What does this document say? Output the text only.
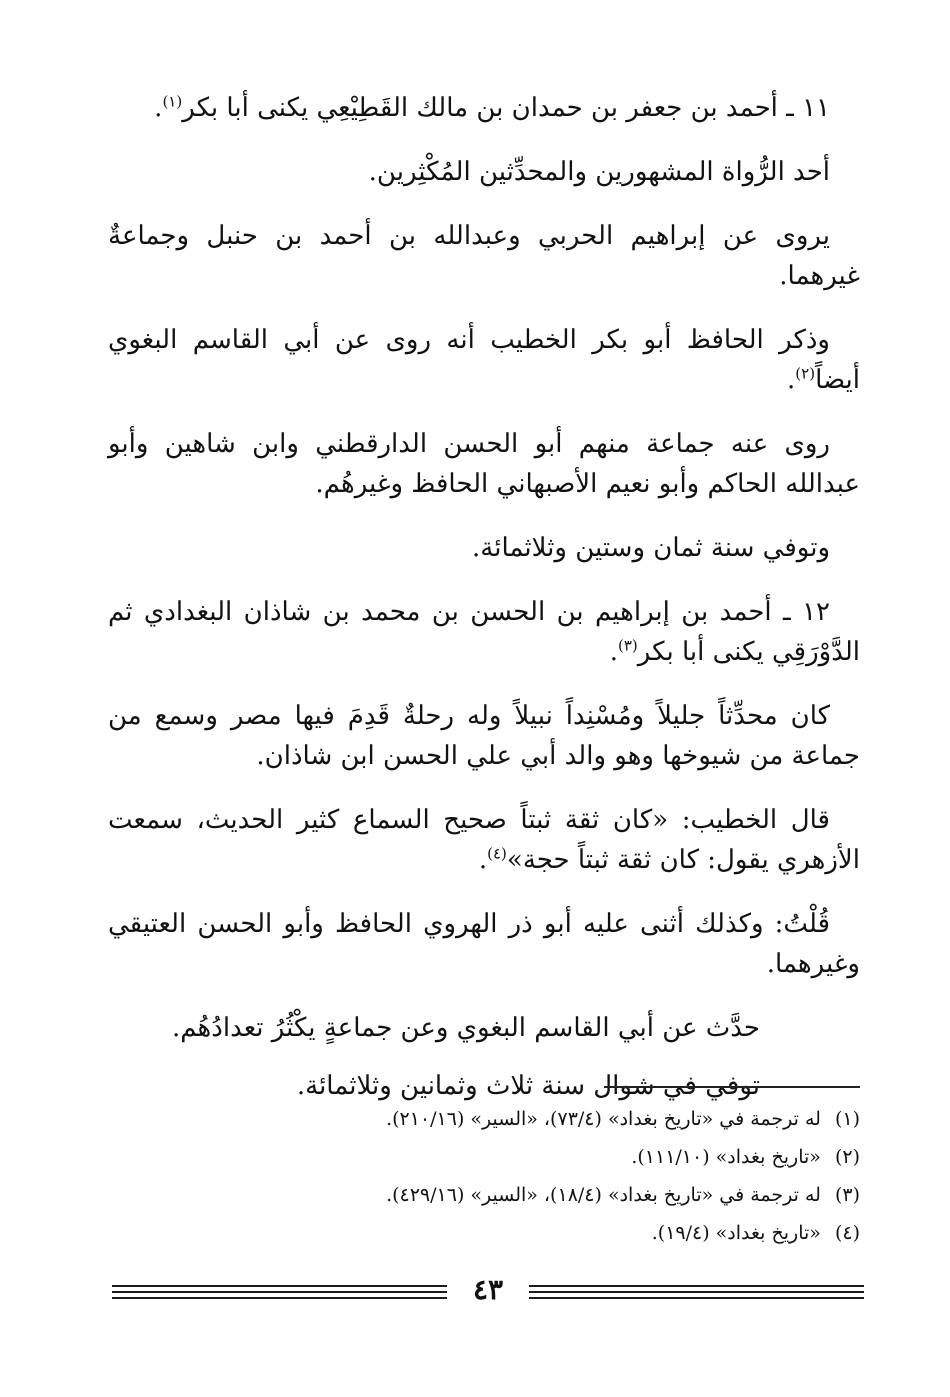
١١ ـ أحمد بن جعفر بن حمدان بن مالك القَطِيْعِي يكنى أبا بكر$^{(١)}$.

أحد الرُّواة المشهورين والمحدِّثين المُكْثِرين.

يروى عن إبراهيم الحربي وعبدالله بن أحمد بن حنبل وجماعةٌ غيرهما.

وذكر الحافظ أبو بكر الخطيب أنه روى عن أبي القاسم البغوي أيضاً$^{(٢)}$.

روى عنه جماعة منهم أبو الحسن الدارقطني وابن شاهين وأبو عبدالله الحاكم وأبو نعيم الأصبهاني الحافظ وغيرهُم.

وتوفي سنة ثمان وستين وثلاثمائة.

١٢ ـ أحمد بن إبراهيم بن الحسن بن محمد بن شاذان البغدادي ثم الدَّوْرَقِي يكنى أبا بكر$^{(٣)}$.

كان محدِّثاً جليلاً ومُسْنِداً نبيلاً وله رحلةٌ قَدِمَ فيها مصر وسمع من جماعة من شيوخها وهو والد أبي علي الحسن ابن شاذان.

قال الخطيب: «كان ثقة ثبتاً صحيح السماع كثير الحديث، سمعت الأزهري يقول: كان ثقة ثبتاً حجة»$^{(٤)}$.

قُلْتُ: وكذلك أثنى عليه أبو ذر الهروي الحافظ وأبو الحسن العتيقي وغيرهما.

حدَّث عن أبي القاسم البغوي وعن جماعةٍ يكْثُرُ تعدادُهُم.

توفي في شوال سنة ثلاث وثمانين وثلاثمائة.

(١)له ترجمة في «تاريخ بغداد» (٧٣/٤)، «السير» (٢١٠/١٦).
(٢)«تاريخ بغداد» (١١١/١٠).
(٣)له ترجمة في «تاريخ بغداد» (١٨/٤)، «السير» (٤٢٩/١٦).
(٤)«تاريخ بغداد» (١٩/٤).
٤٣
